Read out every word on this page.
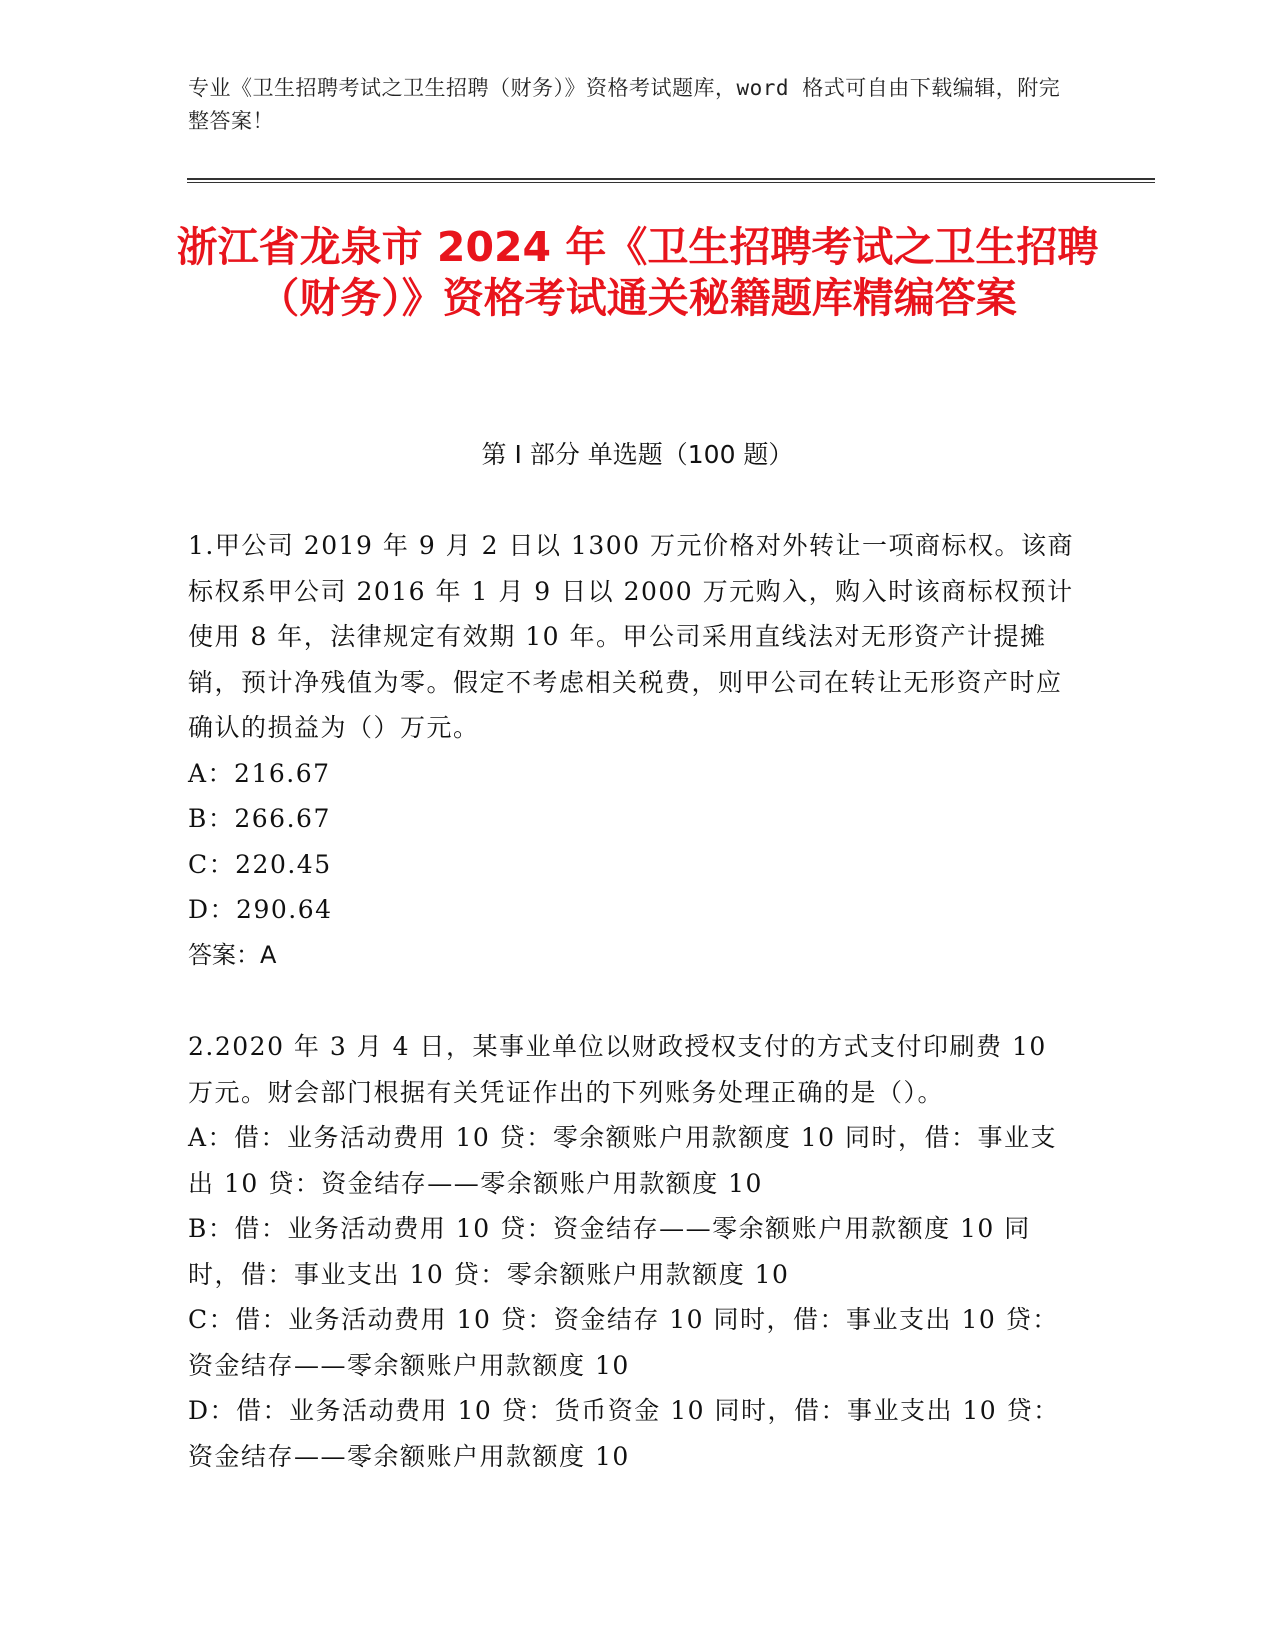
专业《卫生招聘考试之卫生招聘（财务）》资格考试题库，word 格式可自由下载编辑，附完整答案！
浙江省龙泉市 2024 年《卫生招聘考试之卫生招聘（财务）》资格考试通关秘籍题库精编答案
第 I 部分 单选题（100 题）
1.甲公司 2019 年 9 月 2 日以 1300 万元价格对外转让一项商标权。该商标权系甲公司 2016 年 1 月 9 日以 2000 万元购入，购入时该商标权预计使用 8 年，法律规定有效期 10 年。甲公司采用直线法对无形资产计提摊销，预计净残值为零。假定不考虑相关税费，则甲公司在转让无形资产时应确认的损益为（）万元。
A：216.67
B：266.67
C：220.45
D：290.64
答案：A
2.2020 年 3 月 4 日，某事业单位以财政授权支付的方式支付印刷费 10 万元。财会部门根据有关凭证作出的下列账务处理正确的是（）。
A：借：业务活动费用 10 贷：零余额账户用款额度 10 同时，借：事业支出 10 贷：资金结存——零余额账户用款额度 10
B：借：业务活动费用 10 贷：资金结存——零余额账户用款额度 10 同时，借：事业支出 10 贷：零余额账户用款额度 10
C：借：业务活动费用 10 贷：资金结存 10 同时，借：事业支出 10 贷：资金结存——零余额账户用款额度 10
D：借：业务活动费用 10 贷：货币资金 10 同时，借：事业支出 10 贷：资金结存——零余额账户用款额度 10
